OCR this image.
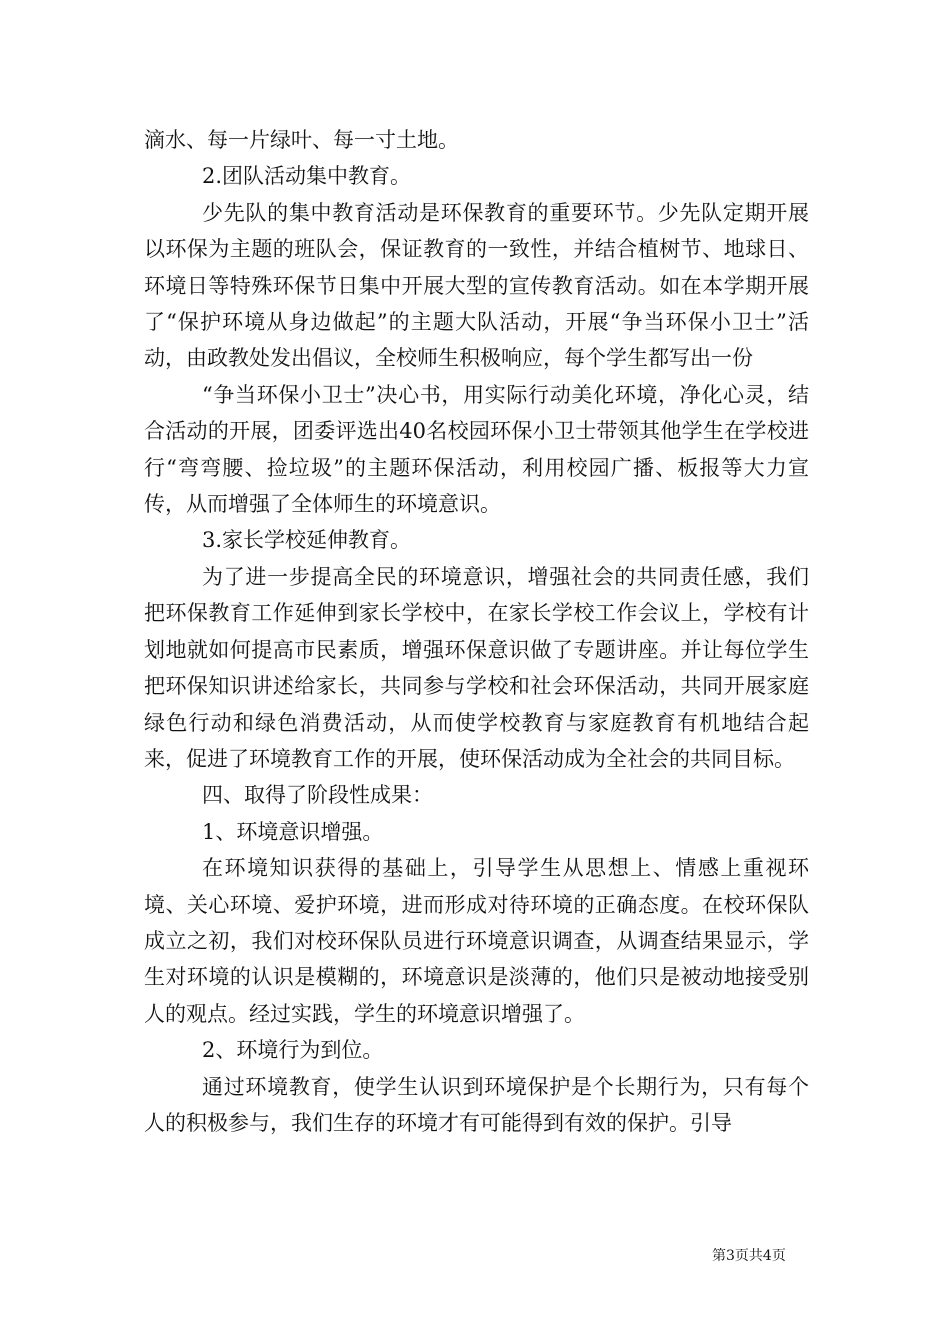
滴水、每一片绿叶、每一寸土地。

2.团队活动集中教育。

少先队的集中教育活动是环保教育的重要环节。少先队定期开展以环保为主题的班队会，保证教育的一致性，并结合植树节、地球日、环境日等特殊环保节日集中开展大型的宣传教育活动。如在本学期开展了“保护环境从身边做起”的主题大队活动，开展“争当环保小卫士”活动，由政教处发出倡议，全校师生积极响应，每个学生都写出一份

“争当环保小卫士”决心书，用实际行动美化环境，净化心灵，结合活动的开展，团委评选出40名校园环保小卫士带领其他学生在学校进行“弯弯腰、捡垃圾”的主题环保活动，利用校园广播、板报等大力宣传，从而增强了全体师生的环境意识。

3.家长学校延伸教育。

为了进一步提高全民的环境意识，增强社会的共同责任感，我们把环保教育工作延伸到家长学校中，在家长学校工作会议上，学校有计划地就如何提高市民素质，增强环保意识做了专题讲座。并让每位学生把环保知识讲述给家长，共同参与学校和社会环保活动，共同开展家庭绿色行动和绿色消费活动，从而使学校教育与家庭教育有机地结合起来，促进了环境教育工作的开展，使环保活动成为全社会的共同目标。

四、取得了阶段性成果：

1、环境意识增强。

在环境知识获得的基础上，引导学生从思想上、情感上重视环境、关心环境、爱护环境，进而形成对待环境的正确态度。在校环保队成立之初，我们对校环保队员进行环境意识调查，从调查结果显示，学生对环境的认识是模糊的，环境意识是淡薄的，他们只是被动地接受别人的观点。经过实践，学生的环境意识增强了。

2、环境行为到位。

通过环境教育，使学生认识到环境保护是个长期行为，只有每个人的积极参与，我们生存的环境才有可能得到有效的保护。引导

第3页共4页
